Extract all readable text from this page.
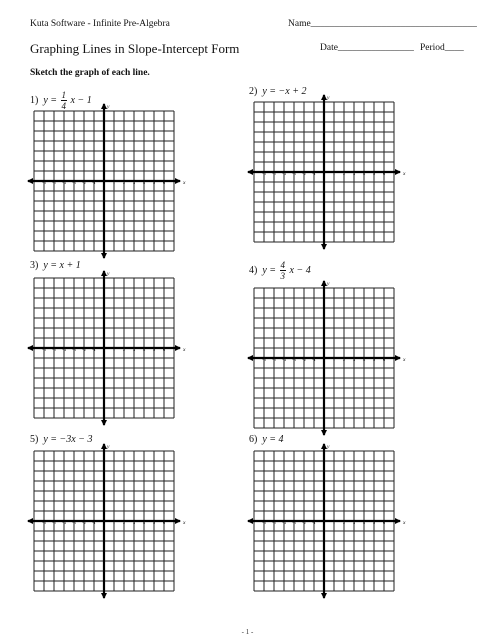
Kuta Software - Infinite Pre-Algebra	Name___________________________________
Graphing Lines in Slope-Intercept Form	Date________________ Period____
Sketch the graph of each line.
1) $y = \frac{1}{4}$ x − 1
2) y = −x + 2
3) y = x + 1	4) $y = \frac{4}{3}$ x − 4
5) y = −3x − 3	6) y = 4
-6 -5 -4 -3 -2 -1	1 2 3 4 5 6	x
y
-6 -5 -4 -3 -2 -1	1 2 3 4 5 6	x
y
-6 -5 -4 -3 -2 -1	1 2 3 4 5 6	x
y
-6 -5 -4 -3 -2 -1	1 2 3 4 5 6	x
y
-6 -5 -4 -3 -2 -1	1 2 3 4 5 6	x
y
-6 -5 -4 -3 -2 -1	1 2 3 4 5 6	x
y
- 1 -
